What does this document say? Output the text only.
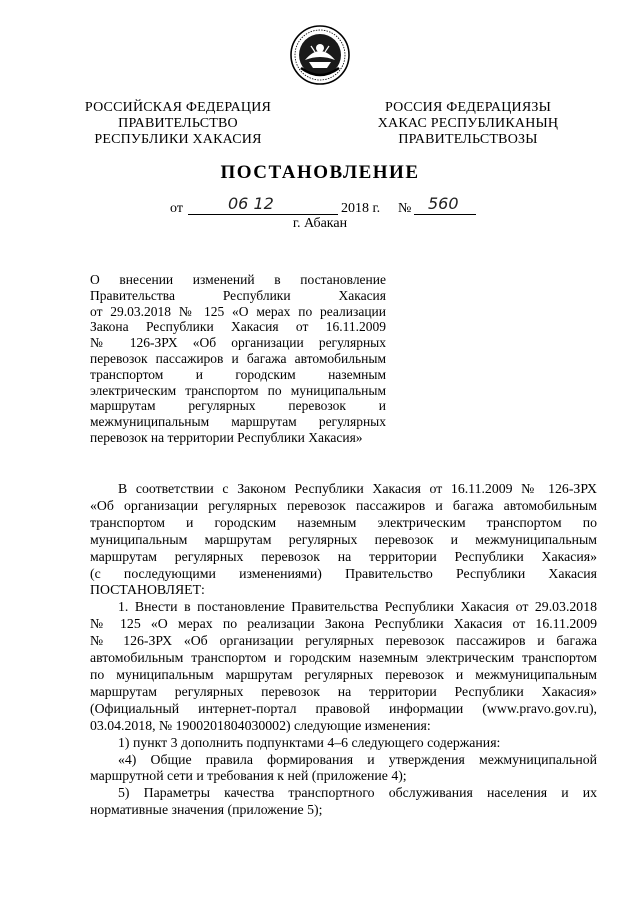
РОССИЙСКАЯ ФЕДЕРАЦИЯ
ПРАВИТЕЛЬСТВО
РЕСПУБЛИКИ ХАКАСИЯ
РОССИЯ ФЕДЕРАЦИЯЗЫ
ХАКАС РЕСПУБЛИКАНЫҢ
ПРАВИТЕЛЬСТВОЗЫ
ПОСТАНОВЛЕНИЕ
от	06 12	2018 г. № 560
г. Абакан
О внесении изменений в постановление
Правительства Республики Хакасия
от 29.03.2018 № 125 «О мерах по реализации
Закона Республики Хакасия от 16.11.2009
№ 126-ЗРХ «Об организации регулярных
перевозок пассажиров и багажа автомобильным
транспортом и городским наземным
электрическим транспортом по муниципальным
маршрутам регулярных перевозок и
межмуниципальным маршрутам регулярных
перевозок на территории Республики Хакасия»
В соответствии с Законом Республики Хакасия от 16.11.2009 № 126-ЗРХ
«Об организации регулярных перевозок пассажиров и багажа автомобильным
транспортом и городским наземным электрическим транспортом по
муниципальным маршрутам регулярных перевозок и межмуниципальным
маршрутам регулярных перевозок на территории Республики Хакасия»
(с последующими изменениями) Правительство Республики Хакасия
ПОСТАНОВЛЯЕТ:
1. Внести в постановление Правительства Республики Хакасия от 29.03.2018
№ 125 «О мерах по реализации Закона Республики Хакасия от 16.11.2009
№ 126-ЗРХ «Об организации регулярных перевозок пассажиров и багажа
автомобильным транспортом и городским наземным электрическим транспортом
по муниципальным маршрутам регулярных перевозок и межмуниципальным
маршрутам регулярных перевозок на территории Республики Хакасия»
(Официальный интернет-портал правовой информации (www.pravo.gov.ru),
03.04.2018, № 1900201804030002) следующие изменения:
1) пункт 3 дополнить подпунктами 4–6 следующего содержания:
«4) Общие правила формирования и утверждения межмуниципальной
маршрутной сети и требования к ней (приложение 4);
5) Параметры качества транспортного обслуживания населения и их
нормативные значения (приложение 5);
